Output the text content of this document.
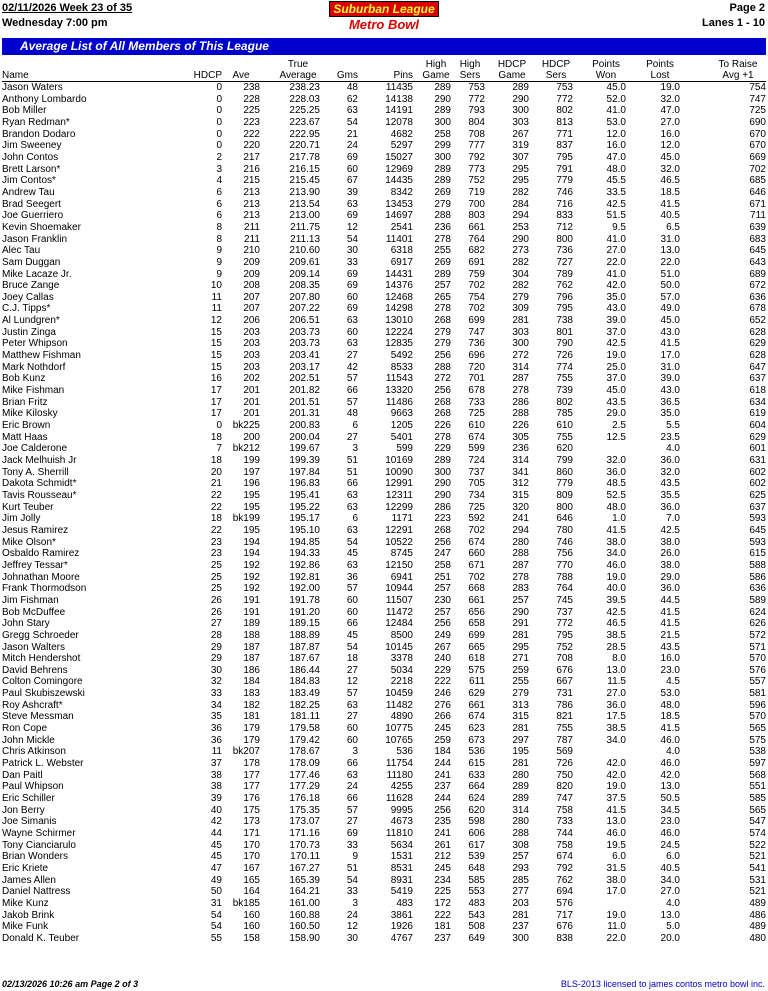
02/11/2026 Week 23 of 35
Wednesday 7:00 pm
Suburban League
Metro Bowl
Page 2
Lanes 1 - 10
Average List of All Members of This League
Name	HDCP	Ave	True Average	Gms	Pins	High Game	High Sers	HDCP Game	HDCP Sers	Points Won	Points Lost	To Raise Avg +1
Jason Waters	0	238	238.23	48	11435	289	753	289	753	45.0	19.0	754
Anthony Lombardo	0	228	228.03	62	14138	290	772	290	772	52.0	32.0	747
Bob Miller	0	225	225.25	63	14191	289	793	300	802	41.0	47.0	725
Ryan Redman*	0	223	223.67	54	12078	300	804	303	813	53.0	27.0	690
Brandon Dodaro	0	222	222.95	21	4682	258	708	267	771	12.0	16.0	670
Jim Sweeney	0	220	220.71	24	5297	299	777	319	837	16.0	12.0	670
John Contos	2	217	217.78	69	15027	300	792	307	795	47.0	45.0	669
Brett Larson*	3	216	216.15	60	12969	289	773	295	791	48.0	32.0	702
Jim Contos*	4	215	215.45	67	14435	289	752	295	779	45.5	46.5	685
Andrew Tau	6	213	213.90	39	8342	269	719	282	746	33.5	18.5	646
Brad Seegert	6	213	213.54	63	13453	279	700	284	716	42.5	41.5	671
Joe Guerriero	6	213	213.00	69	14697	288	803	294	833	51.5	40.5	711
Kevin Shoemaker	8	211	211.75	12	2541	236	661	253	712	9.5	6.5	639
Jason Franklin	8	211	211.13	54	11401	278	764	290	800	41.0	31.0	683
Alec Tau	9	210	210.60	30	6318	255	682	273	736	27.0	13.0	645
Sam Duggan	9	209	209.61	33	6917	269	691	282	727	22.0	22.0	643
Mike Lacaze Jr.	9	209	209.14	69	14431	289	759	304	789	41.0	51.0	689
Bruce Zange	10	208	208.35	69	14376	257	702	282	762	42.0	50.0	672
Joey Callas	11	207	207.80	60	12468	265	754	279	796	35.0	57.0	636
C.J. Tipps*	11	207	207.22	69	14298	278	702	309	795	43.0	49.0	678
Al Lundgren*	12	206	206.51	63	13010	268	699	281	738	39.0	45.0	652
Justin Zinga	15	203	203.73	60	12224	279	747	303	801	37.0	43.0	628
Peter Whipson	15	203	203.73	63	12835	279	736	300	790	42.5	41.5	629
Matthew Fishman	15	203	203.41	27	5492	256	696	272	726	19.0	17.0	628
Mark Nothdorf	15	203	203.17	42	8533	288	720	314	774	25.0	31.0	647
Bob Kunz	16	202	202.51	57	11543	272	701	287	755	37.0	39.0	637
Mike Fishman	17	201	201.82	66	13320	256	678	278	739	45.0	43.0	618
Brian Fritz	17	201	201.51	57	11486	268	733	286	802	43.5	36.5	634
Mike Kilosky	17	201	201.31	48	9663	268	725	288	785	29.0	35.0	619
Eric Brown	0	bk225	200.83	6	1205	226	610	226	610	2.5	5.5	604
Matt Haas	18	200	200.04	27	5401	278	674	305	755	12.5	23.5	629
Joe Calderone	7	bk212	199.67	3	599	229	599	236	620		4.0	601
Jack Melhuish Jr	18	199	199.39	51	10169	289	724	314	799	32.0	36.0	631
Tony A. Sherrill	20	197	197.84	51	10090	300	737	341	860	36.0	32.0	602
Dakota Schmidt*	21	196	196.83	66	12991	290	705	312	779	48.5	43.5	602
Tavis Rousseau*	22	195	195.41	63	12311	290	734	315	809	52.5	35.5	625
Kurt Teuber	22	195	195.22	63	12299	286	725	320	800	48.0	36.0	637
Jim Jolly	18	bk199	195.17	6	1171	223	592	241	646	1.0	7.0	593
Jesus Ramirez	22	195	195.10	63	12291	268	702	294	780	41.5	42.5	645
Mike Olson*	23	194	194.85	54	10522	256	674	280	746	38.0	38.0	593
Osbaldo Ramirez	23	194	194.33	45	8745	247	660	288	756	34.0	26.0	615
Jeffrey Tessar*	25	192	192.86	63	12150	258	671	287	770	46.0	38.0	588
Johnathan Moore	25	192	192.81	36	6941	251	702	278	788	19.0	29.0	586
Frank Thormodson	25	192	192.00	57	10944	257	668	283	764	40.0	36.0	636
Jim Fishman	26	191	191.78	60	11507	230	661	257	745	39.5	44.5	589
Bob McDuffee	26	191	191.20	60	11472	257	656	290	737	42.5	41.5	624
John Stary	27	189	189.15	66	12484	256	658	291	772	46.5	41.5	626
Gregg Schroeder	28	188	188.89	45	8500	249	699	281	795	38.5	21.5	572
Jason Walters	29	187	187.87	54	10145	267	665	295	752	28.5	43.5	571
Mitch Hendershot	29	187	187.67	18	3378	240	618	271	708	8.0	16.0	570
David Behrens	30	186	186.44	27	5034	229	575	259	676	13.0	23.0	576
Colton Comingore	32	184	184.83	12	2218	222	611	255	667	11.5	4.5	557
Paul Skubiszewski	33	183	183.49	57	10459	246	629	279	731	27.0	53.0	581
Roy Ashcraft*	34	182	182.25	63	11482	276	661	313	786	36.0	48.0	596
Steve Messman	35	181	181.11	27	4890	266	674	315	821	17.5	18.5	570
Ron Cope	36	179	179.58	60	10775	245	623	281	755	38.5	41.5	565
John Mickle	36	179	179.42	60	10765	259	673	297	787	34.0	46.0	575
Chris Atkinson	11	bk207	178.67	3	536	184	536	195	569		4.0	538
Patrick L. Webster	37	178	178.09	66	11754	244	615	281	726	42.0	46.0	597
Dan Paitl	38	177	177.46	63	11180	241	633	280	750	42.0	42.0	568
Paul Whipson	38	177	177.29	24	4255	237	664	289	820	19.0	13.0	551
Eric Schiller	39	176	176.18	66	11628	244	624	289	747	37.5	50.5	585
Jon Berry	40	175	175.35	57	9995	256	620	314	758	41.5	34.5	565
Joe Simanis	42	173	173.07	27	4673	235	598	280	733	13.0	23.0	547
Wayne Schirmer	44	171	171.16	69	11810	241	606	288	744	46.0	46.0	574
Tony Cianciarulo	45	170	170.73	33	5634	261	617	308	758	19.5	24.5	522
Brian Wonders	45	170	170.11	9	1531	212	539	257	674	6.0	6.0	521
Eric Kriete	47	167	167.27	51	8531	245	648	293	792	31.5	40.5	541
James Allen	49	165	165.39	54	8931	234	585	285	762	38.0	34.0	531
Daniel Nattress	50	164	164.21	33	5419	225	553	277	694	17.0	27.0	521
Mike Kunz	31	bk185	161.00	3	483	172	483	203	576		4.0	489
Jakob Brink	54	160	160.88	24	3861	222	543	281	717	19.0	13.0	486
Mike Funk	54	160	160.50	12	1926	181	508	237	676	11.0	5.0	489
Donald K. Teuber	55	158	158.90	30	4767	237	649	300	838	22.0	20.0	480
02/13/2026 10:26 am Page 2 of 3	BLS-2013 licensed to james contos metro bowl inc.
